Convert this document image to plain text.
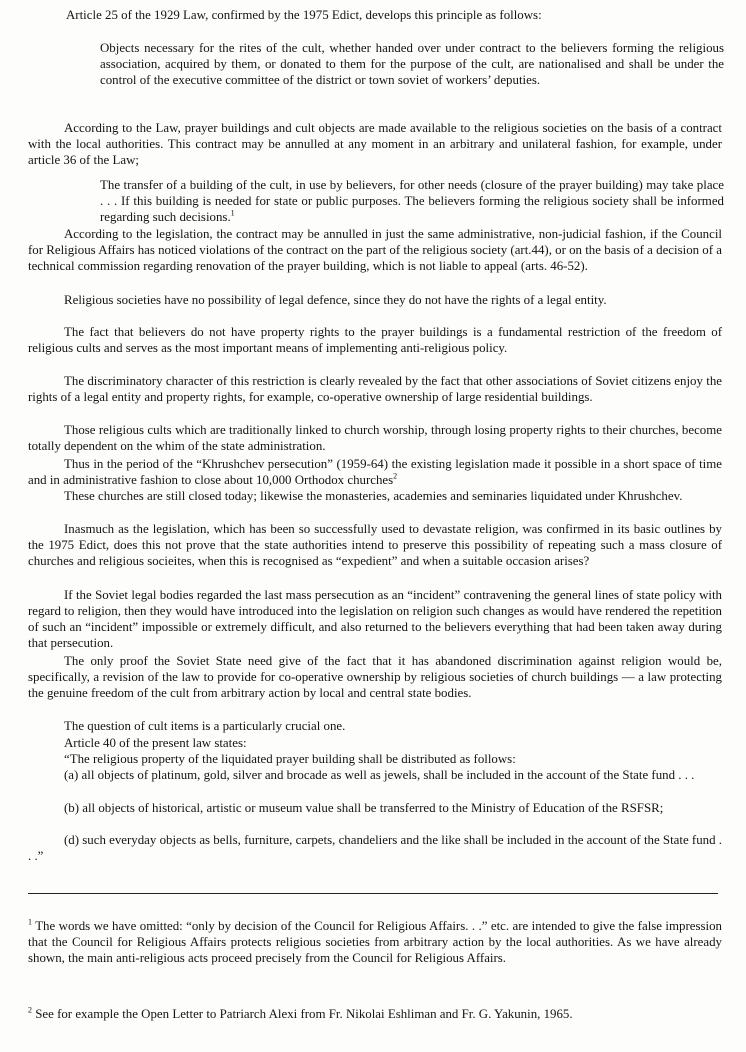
Article 25 of the 1929 Law, confirmed by the 1975 Edict, develops this principle as follows:

Objects necessary for the rites of the cult, whether handed over under contract to the believers forming the religious association, acquired by them, or donated to them for the purpose of the cult, are nationalised and shall be under the control of the executive committee of the district or town soviet of workers’ deputies.

According to the Law, prayer buildings and cult objects are made available to the religious societies on the basis of a contract with the local authorities. This contract may be annulled at any moment in an arbitrary and unilateral fashion, for example, under article 36 of the Law;

The transfer of a building of the cult, in use by believers, for other needs (closure of the prayer building) may take place . . . If this building is needed for state or public purposes. The believers forming the religious society shall be informed regarding such decisions.$^1$

According to the legislation, the contract may be annulled in just the same administrative, non-judicial fashion, if the Council for Religious Affairs has noticed violations of the contract on the part of the religious society (art.44), or on the basis of a decision of a technical commission regarding renovation of the prayer building, which is not liable to appeal (arts. 46-52).

Religious societies have no possibility of legal defence, since they do not have the rights of a legal entity.

The fact that believers do not have property rights to the prayer buildings is a fundamental restriction of the freedom of religious cults and serves as the most important means of implementing anti-religious policy.

The discriminatory character of this restriction is clearly revealed by the fact that other associations of Soviet citizens enjoy the rights of a legal entity and property rights, for example, co-operative ownership of large residential buildings.

Those religious cults which are traditionally linked to church worship, through losing property rights to their churches, become totally dependent on the whim of the state administration.

Thus in the period of the “Khrushchev persecution” (1959-64) the existing legislation made it possible in a short space of time and in administrative fashion to close about 10,000 Orthodox churches$^2$

These churches are still closed today; likewise the monasteries, academies and seminaries liquidated under Khrushchev.

Inasmuch as the legislation, which has been so successfully used to devastate religion, was confirmed in its basic outlines by the 1975 Edict, does this not prove that the state authorities intend to preserve this possibility of repeating such a mass closure of churches and religious socieites, when this is recognised as “expedient” and when a suitable occasion arises?

If the Soviet legal bodies regarded the last mass persecution as an “incident” contravening the general lines of state policy with regard to religion, then they would have introduced into the legislation on religion such changes as would have rendered the repetition of such an “incident” impossible or extremely difficult, and also returned to the believers everything that had been taken away during that persecution.

The only proof the Soviet State need give of the fact that it has abandoned discrimination against religion would be, specifically, a revision of the law to provide for co-operative ownership by religious societies of church buildings — a law protecting the genuine freedom of the cult from arbitrary action by local and central state bodies.

The question of cult items is a particularly crucial one.

Article 40 of the present law states:

“The religious property of the liquidated prayer building shall be distributed as follows:

(a) all objects of platinum, gold, silver and brocade as well as jewels, shall be included in the account of the State fund . . .

(b) all objects of historical, artistic or museum value shall be transferred to the Ministry of Education of the RSFSR;

(d) such everyday objects as bells, furniture, carpets, chandeliers and the like shall be included in the account of the State fund . . .”

$^1$ The words we have omitted: “only by decision of the Council for Religious Affairs. . .” etc. are intended to give the false impression that the Council for Religious Affairs protects religious societies from arbitrary action by the local authorities. As we have already shown, the main anti-religious acts proceed precisely from the Council for Religious Affairs.

$^2$ See for example the Open Letter to Patriarch Alexi from Fr. Nikolai Eshliman and Fr. G. Yakunin, 1965.
